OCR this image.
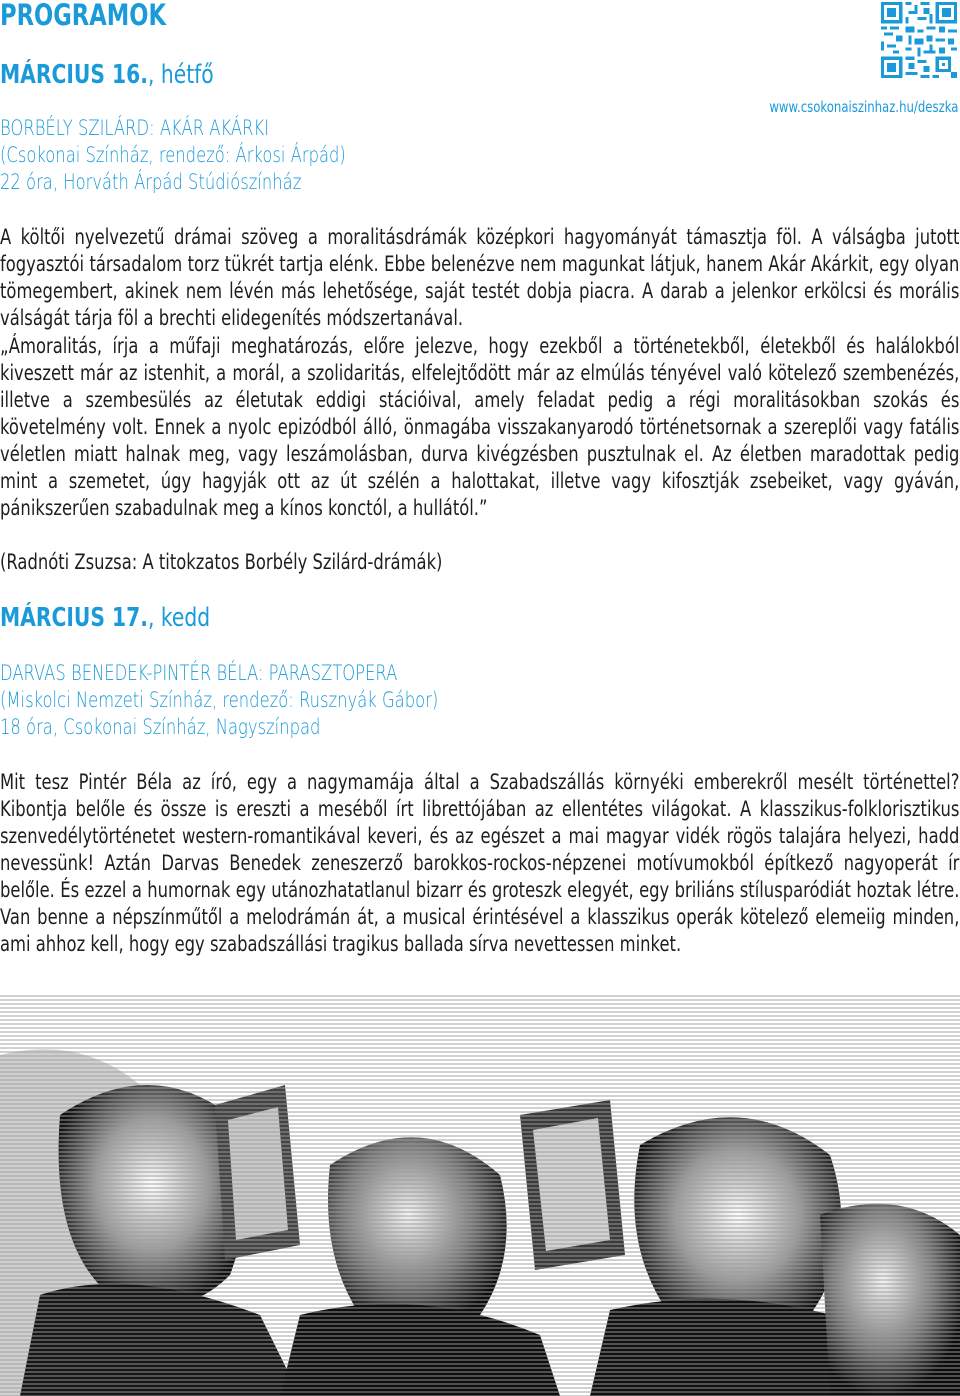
PROGRAMOK
www.csokonaiszinhaz.hu/deszka
MÁRCIUS 16., hétfő
BORBÉLY SZILÁRD: AKÁR AKÁRKI
(Csokonai Színház, rendező: Árkosi Árpád)
22 óra, Horváth Árpád Stúdiószínház

A költői nyelvezetű drámai szöveg a moralitásdrámák középkori hagyományát támasztja föl. A válságba jutott fogyasztói társadalom torz tükrét tartja elénk. Ebbe belenézve nem magunkat látjuk, hanem Akár Akárkit, egy olyan tömegembert, akinek nem lévén más lehetősége, saját testét dobja piacra. A darab a jelenkor erkölcsi és morális válságát tárja föl a brechti elidegenítés módszertanával.

„Ámoralitás, írja a műfaji meghatározás, előre jelezve, hogy ezekből a történetekből, életekből és halálokból kiveszett már az istenhit, a morál, a szolidaritás, elfelejtődött már az elmúlás tényével való kötelező szembenézés, illetve a szembesülés az életutak eddigi stációival, amely feladat pedig a régi moralitásokban szokás és követelmény volt. Ennek a nyolc epizódból álló, önmagába visszakanyarodó történetsornak a szereplői vagy fatális véletlen miatt halnak meg, vagy leszámolásban, durva kivégzésben pusztulnak el. Az életben maradottak pedig mint a szemetet, úgy hagyják ott az út szélén a halottakat, illetve vagy kifosztják zsebeiket, vagy gyáván, pánikszerűen szabadulnak meg a kínos konctól, a hullától.”

(Radnóti Zsuzsa: A titokzatos Borbély Szilárd-drámák)

MÁRCIUS 17., kedd
DARVAS BENEDEK-PINTÉR BÉLA: PARASZTOPERA
(Miskolci Nemzeti Színház, rendező: Rusznyák Gábor)
18 óra, Csokonai Színház, Nagyszínpad

Mit tesz Pintér Béla az író, egy a nagymamája által a Szabadszállás környéki emberekről mesélt történettel? Kibontja belőle és össze is ereszti a meséből írt librettójában az ellentétes világokat. A klasszikus-folklorisztikus szenvedélytörténetet western-romantikával keveri, és az egészet a mai magyar vidék rögös talajára helyezi, hadd nevessünk! Aztán Darvas Benedek zeneszerző barokkos-rockos-népzenei motívumokból építkező nagyoperát ír belőle. És ezzel a humornak egy utánozhatatlanul bizarr és groteszk elegyét, egy briliáns stílusparódiát hoztak létre. Van benne a népszínműtől a melodrámán át, a musical érintésével a klasszikus operák kötelező elemeiig minden, ami ahhoz kell, hogy egy szabadszállási tragikus ballada sírva nevettessen minket.
